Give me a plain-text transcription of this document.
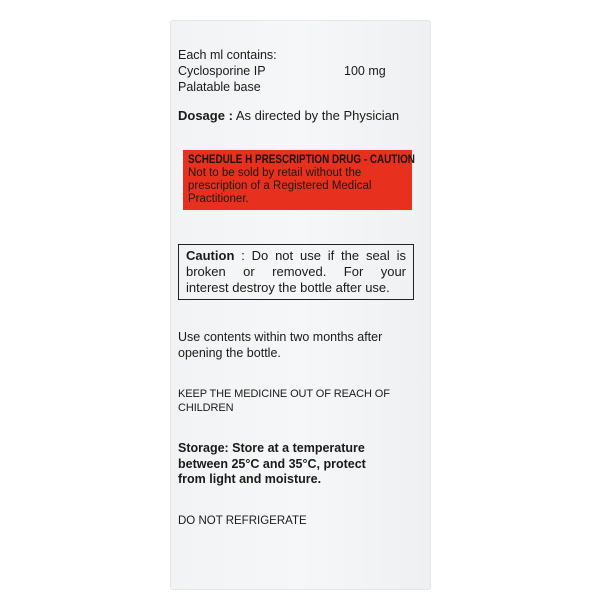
Each ml contains:
Cyclosporine IP	100 mg
Palatable base
Dosage : As directed by the Physician
SCHEDULE H PRESCRIPTION DRUG - CAUTION
Not to be sold by retail without the
prescription of a Registered Medical
Practitioner.
Caution : Do not use if the seal is
broken or removed. For your
interest destroy the bottle after use.
Use contents within two months after
opening the bottle.
KEEP THE MEDICINE OUT OF REACH OF
CHILDREN
Storage: Store at a temperature
between 25°C and 35°C, protect
from light and moisture.
DO NOT REFRIGERATE
